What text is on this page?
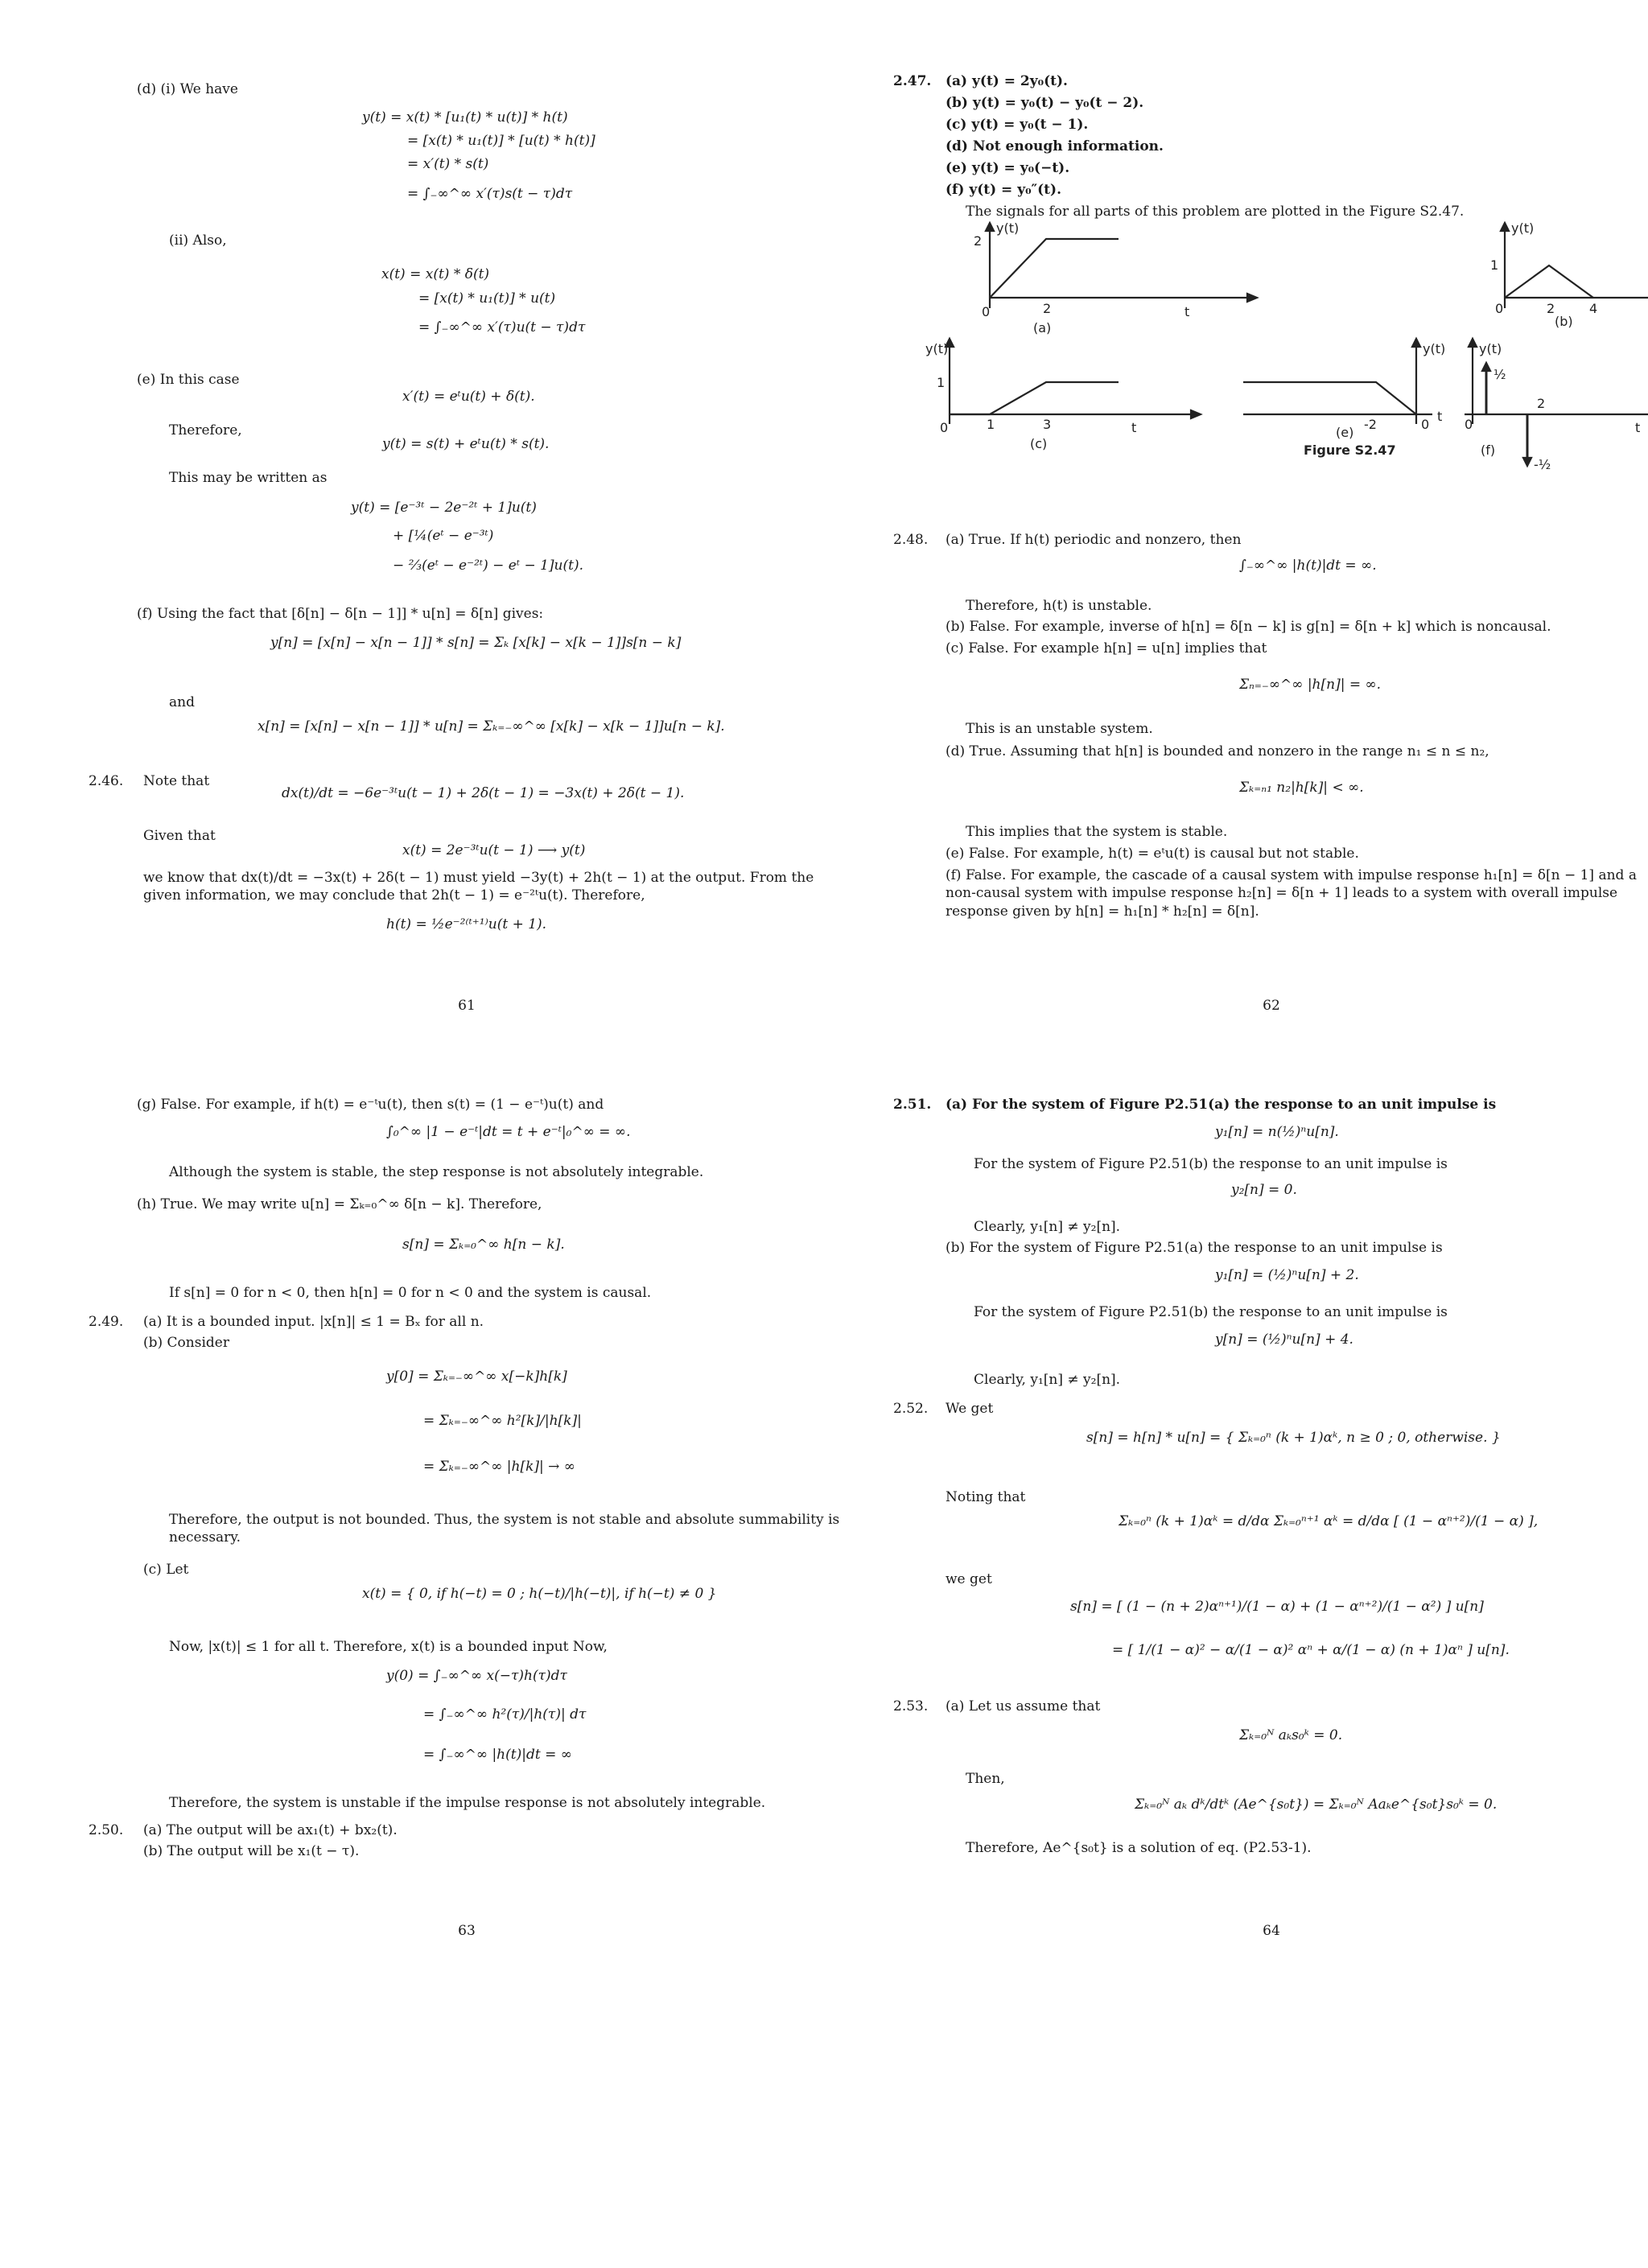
(d) (i) We have
y(t) = x(t) * [u₁(t) * u(t)] * h(t)
= [x(t) * u₁(t)] * [u(t) * h(t)]
= x′(t) * s(t)
= ∫₋∞^∞ x′(τ)s(t − τ)dτ
(ii) Also,
x(t) = x(t) * δ(t)
= [x(t) * u₁(t)] * u(t)
= ∫₋∞^∞ x′(τ)u(t − τ)dτ
(e) In this case
x′(t) = eᵗu(t) + δ(t).
Therefore,
y(t) = s(t) + eᵗu(t) * s(t).
This may be written as
y(t) = [e⁻³ᵗ − 2e⁻²ᵗ + 1]u(t)
+ [¼(eᵗ − e⁻³ᵗ)
− ⅔(eᵗ − e⁻²ᵗ) − eᵗ − 1]u(t).
(f) Using the fact that [δ[n] − δ[n − 1]] * u[n] = δ[n] gives:
y[n] = [x[n] − x[n − 1]] * s[n] = Σₖ [x[k] − x[k − 1]]s[n − k]
and
x[n] = [x[n] − x[n − 1]] * u[n] = Σₖ₌₋∞^∞ [x[k] − x[k − 1]]u[n − k].
2.46. Note that
dx(t)/dt = −6e⁻³ᵗu(t − 1) + 2δ(t − 1) = −3x(t) + 2δ(t − 1).
Given that
x(t) = 2e⁻³ᵗu(t − 1) ⟶ y(t)
we know that dx(t)/dt = −3x(t) + 2δ(t − 1) must yield −3y(t) + 2h(t − 1) at the output. From the given information, we may conclude that 2h(t − 1) = e⁻²ᵗu(t). Therefore,
h(t) = ½e⁻²⁽ᵗ⁺¹⁾u(t + 1).
61
2.47. (a) y(t) = 2y₀(t).
(b) y(t) = y₀(t) − y₀(t − 2).
(c) y(t) = y₀(t − 1).
(d) Not enough information.
(e) y(t) = y₀(−t).
(f) y(t) = y₀″(t).
The signals for all parts of this problem are plotted in the Figure S2.47.
y(t)
2
0	2	t
(a)
y(t)
1
0	2	4
(b)
y(t)
1
0	1	3	t
(c)
y(t)
-2	0
t
(e)
Figure S2.47
y(t)
½
0
2
-½
t
(f)
2.48. (a) True. If h(t) periodic and nonzero, then
∫₋∞^∞ |h(t)|dt = ∞.
Therefore, h(t) is unstable.
(b) False. For example, inverse of h[n] = δ[n − k] is g[n] = δ[n + k] which is noncausal.
(c) False. For example h[n] = u[n] implies that
Σₙ₌₋∞^∞ |h[n]| = ∞.
This is an unstable system.
(d) True. Assuming that h[n] is bounded and nonzero in the range n₁ ≤ n ≤ n₂,
Σₖ₌ₙ₁ n₂|h[k]| < ∞.
This implies that the system is stable.
(e) False. For example, h(t) = eᵗu(t) is causal but not stable.
(f) False. For example, the cascade of a causal system with impulse response h₁[n] = δ[n − 1] and a non-causal system with impulse response h₂[n] = δ[n + 1] leads to a system with overall impulse response given by h[n] = h₁[n] * h₂[n] = δ[n].
62
(g) False. For example, if h(t) = e⁻ᵗu(t), then s(t) = (1 − e⁻ᵗ)u(t) and
∫₀^∞ |1 − e⁻ᵗ|dt = t + e⁻ᵗ|₀^∞ = ∞.
Although the system is stable, the step response is not absolutely integrable.
(h) True. We may write u[n] = Σₖ₌₀^∞ δ[n − k]. Therefore,
s[n] = Σₖ₌₀^∞ h[n − k].
If s[n] = 0 for n < 0, then h[n] = 0 for n < 0 and the system is causal.
2.49. (a) It is a bounded input. |x[n]| ≤ 1 = Bₓ for all n.
(b) Consider
y[0] = Σₖ₌₋∞^∞ x[−k]h[k]
= Σₖ₌₋∞^∞ h²[k]/|h[k]|
= Σₖ₌₋∞^∞ |h[k]| → ∞
Therefore, the output is not bounded. Thus, the system is not stable and absolute summability is necessary.
(c) Let
x(t) = { 0, if h(−t) = 0 ; h(−t)/|h(−t)|, if h(−t) ≠ 0 }
Now, |x(t)| ≤ 1 for all t. Therefore, x(t) is a bounded input Now,
y(0) = ∫₋∞^∞ x(−τ)h(τ)dτ
= ∫₋∞^∞ h²(τ)/|h(τ)| dτ
= ∫₋∞^∞ |h(t)|dt = ∞
Therefore, the system is unstable if the impulse response is not absolutely integrable.
2.50. (a) The output will be ax₁(t) + bx₂(t).
(b) The output will be x₁(t − τ).
63
2.51. (a) For the system of Figure P2.51(a) the response to an unit impulse is
y₁[n] = n(½)ⁿu[n].
For the system of Figure P2.51(b) the response to an unit impulse is
y₂[n] = 0.
Clearly, y₁[n] ≠ y₂[n].
(b) For the system of Figure P2.51(a) the response to an unit impulse is
y₁[n] = (½)ⁿu[n] + 2.
For the system of Figure P2.51(b) the response to an unit impulse is
y[n] = (½)ⁿu[n] + 4.
Clearly, y₁[n] ≠ y₂[n].
2.52. We get
s[n] = h[n] * u[n] = { Σₖ₌₀ⁿ (k + 1)αᵏ, n ≥ 0 ; 0, otherwise. }
Noting that
Σₖ₌₀ⁿ (k + 1)αᵏ = d/dα Σₖ₌₀ⁿ⁺¹ αᵏ = d/dα [ (1 − αⁿ⁺²)/(1 − α) ],
we get
s[n] = [ (1 − (n + 2)αⁿ⁺¹)/(1 − α) + (1 − αⁿ⁺²)/(1 − α²) ] u[n]
= [ 1/(1 − α)² − α/(1 − α)² αⁿ + α/(1 − α) (n + 1)αⁿ ] u[n].
2.53. (a) Let us assume that
Σₖ₌₀ᴺ aₖs₀ᵏ = 0.
Then,
Σₖ₌₀ᴺ aₖ dᵏ/dtᵏ (Ae^{s₀t}) = Σₖ₌₀ᴺ Aaₖe^{s₀t}s₀ᵏ = 0.
Therefore, Ae^{s₀t} is a solution of eq. (P2.53-1).
64
